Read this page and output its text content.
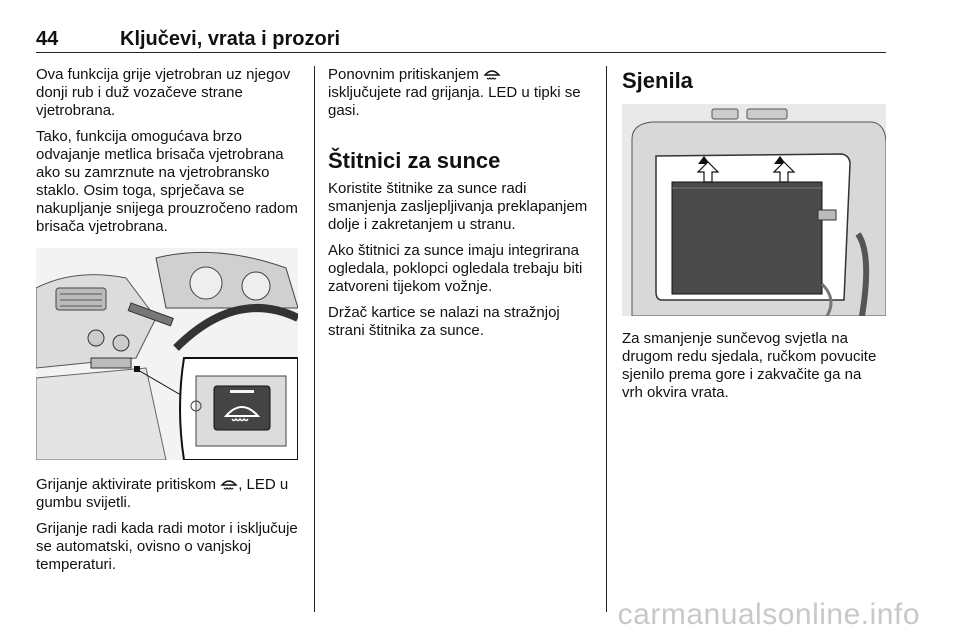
44	Ključevi, vrata i prozori

Ova funkcija grije vjetrobran uz njegov donji rub i duž vozačeve strane vjetrobrana.

Tako, funkcija omogućava brzo odvajanje metlica brisača vjetrobrana ako su zamrznute na vjetrobransko staklo. Osim toga, sprječava se nakupljanje snijega prouzročeno radom brisača vjetrobrana.

Grijanje aktivirate pritiskom , LED u gumbu svijetli.

Grijanje radi kada radi motor i isključuje se automatski, ovisno o vanjskoj temperaturi.

Ponovnim pritiskanjem
isključujete rad grijanja. LED u tipki se gasi.

Štitnici za sunce

Koristite štitnike za sunce radi smanjenja zasljepljivanja preklapanjem dolje i zakretanjem u stranu.

Ako štitnici za sunce imaju integrirana ogledala, poklopci ogledala trebaju biti zatvoreni tijekom vožnje.

Držač kartice se nalazi na stražnjoj strani štitnika za sunce.

Sjenila

Za smanjenje sunčevog svjetla na drugom redu sjedala, ručkom povucite sjenilo prema gore i zakvačite ga na vrh okvira vrata.

carmanualsonline.info
